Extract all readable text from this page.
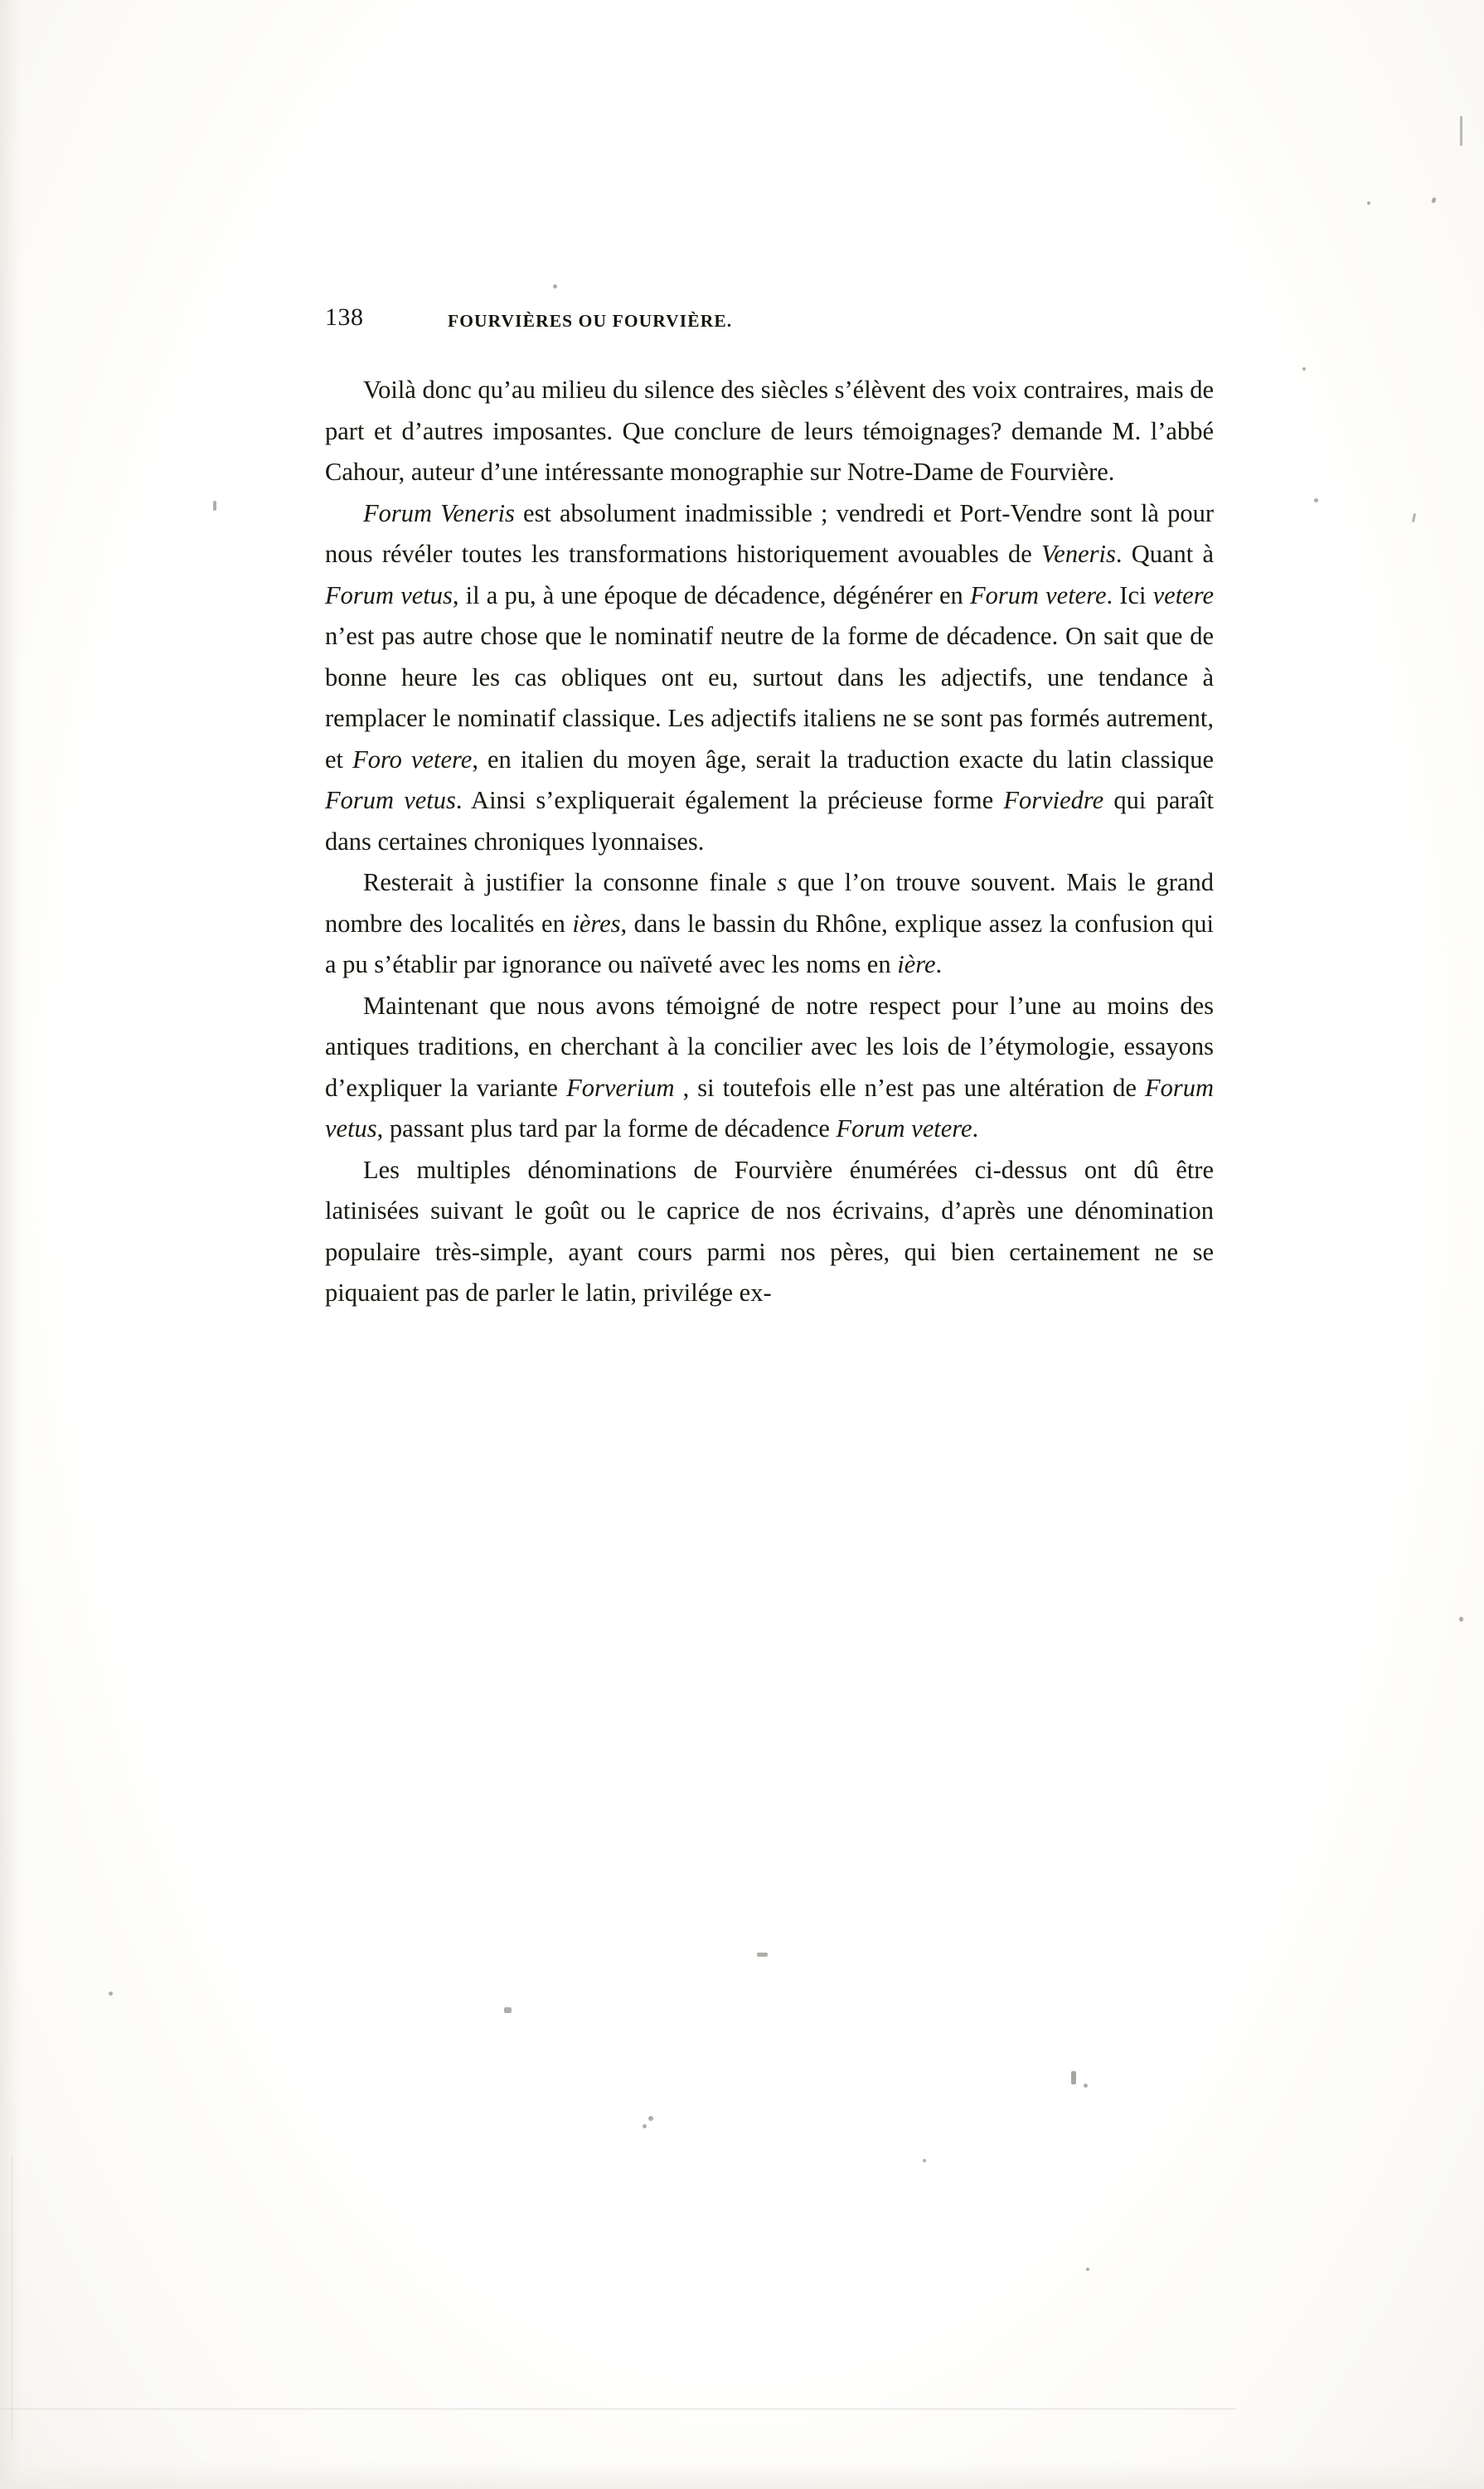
138	FOURVIÈRES OU FOURVIÈRE.

Voilà donc qu’au milieu du silence des siècles s’élèvent des voix contraires, mais de part et d’autres imposantes. Que conclure de leurs témoignages? demande M. l’abbé Cahour, auteur d’une intéressante monographie sur Notre-Dame de Fourvière.

Forum Veneris est absolument inadmissible ; vendredi et Port-Vendre sont là pour nous révéler toutes les transformations historiquement avouables de Veneris. Quant à Forum vetus, il a pu, à une époque de décadence, dégénérer en Forum vetere. Ici vetere n’est pas autre chose que le nominatif neutre de la forme de décadence. On sait que de bonne heure les cas obliques ont eu, surtout dans les adjectifs, une tendance à remplacer le nominatif classique. Les adjectifs italiens ne se sont pas formés autrement, et Foro vetere, en italien du moyen âge, serait la traduction exacte du latin classique Forum vetus. Ainsi s’expliquerait également la précieuse forme Forviedre qui paraît dans certaines chroniques lyonnaises.

Resterait à justifier la consonne finale s que l’on trouve souvent. Mais le grand nombre des localités en ières, dans le bassin du Rhône, explique assez la confusion qui a pu s’établir par ignorance ou naïveté avec les noms en ière.

Maintenant que nous avons témoigné de notre respect pour l’une au moins des antiques traditions, en cherchant à la concilier avec les lois de l’étymologie, essayons d’expliquer la variante Forverium , si toutefois elle n’est pas une altération de Forum vetus, passant plus tard par la forme de décadence Forum vetere.

Les multiples dénominations de Fourvière énumérées ci-dessus ont dû être latinisées suivant le goût ou le caprice de nos écrivains, d’après une dénomination populaire très-simple, ayant cours parmi nos pères, qui bien certainement ne se piquaient pas de parler le latin, privilége ex-
